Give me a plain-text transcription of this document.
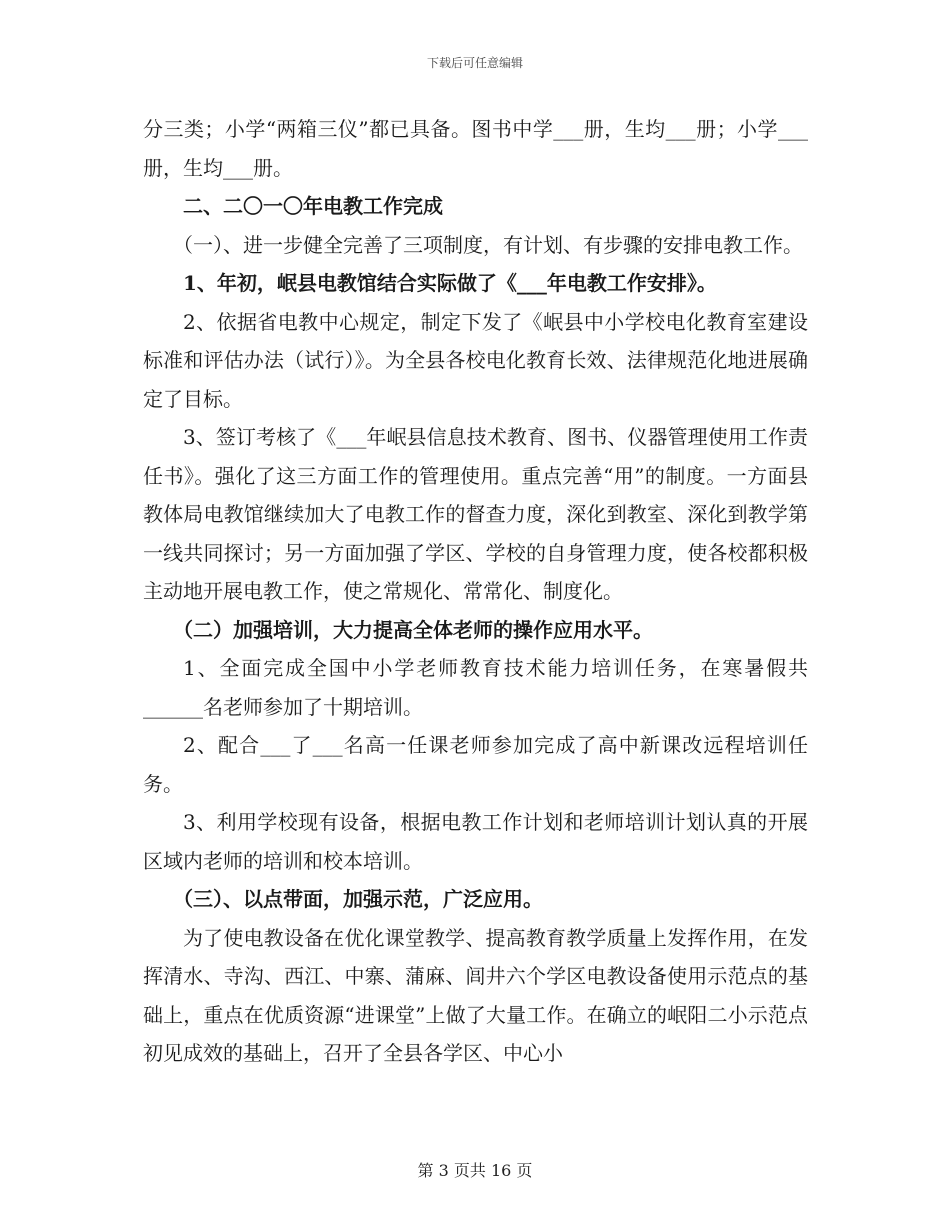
下载后可任意编辑

分三类；小学“两箱三仪”都已具备。图书中学___册，生均___册；小学___册，生均___册。

二、二〇一〇年电教工作完成

（一）、进一步健全完善了三项制度，有计划、有步骤的安排电教工作。

1、年初，岷县电教馆结合实际做了《___年电教工作安排》。

2、依据省电教中心规定，制定下发了《岷县中小学校电化教育室建设标准和评估办法（试行）》。为全县各校电化教育长效、法律规范化地进展确定了目标。

3、签订考核了《___年岷县信息技术教育、图书、仪器管理使用工作责任书》。强化了这三方面工作的管理使用。重点完善“用”的制度。一方面县教体局电教馆继续加大了电教工作的督查力度，深化到教室、深化到教学第一线共同探讨；另一方面加强了学区、学校的自身管理力度，使各校都积极主动地开展电教工作，使之常规化、常常化、制度化。

（二）加强培训，大力提高全体老师的操作应用水平。

1、全面完成全国中小学老师教育技术能力培训任务，在寒暑假共______名老师参加了十期培训。

2、配合___了___名高一任课老师参加完成了高中新课改远程培训任务。

3、利用学校现有设备，根据电教工作计划和老师培训计划认真的开展区域内老师的培训和校本培训。

（三）、以点带面，加强示范，广泛应用。

为了使电教设备在优化课堂教学、提高教育教学质量上发挥作用，在发挥清水、寺沟、西江、中寨、蒲麻、闾井六个学区电教设备使用示范点的基础上，重点在优质资源“进课堂”上做了大量工作。在确立的岷阳二小示范点初见成效的基础上，召开了全县各学区、中心小

第 3 页共 16 页
